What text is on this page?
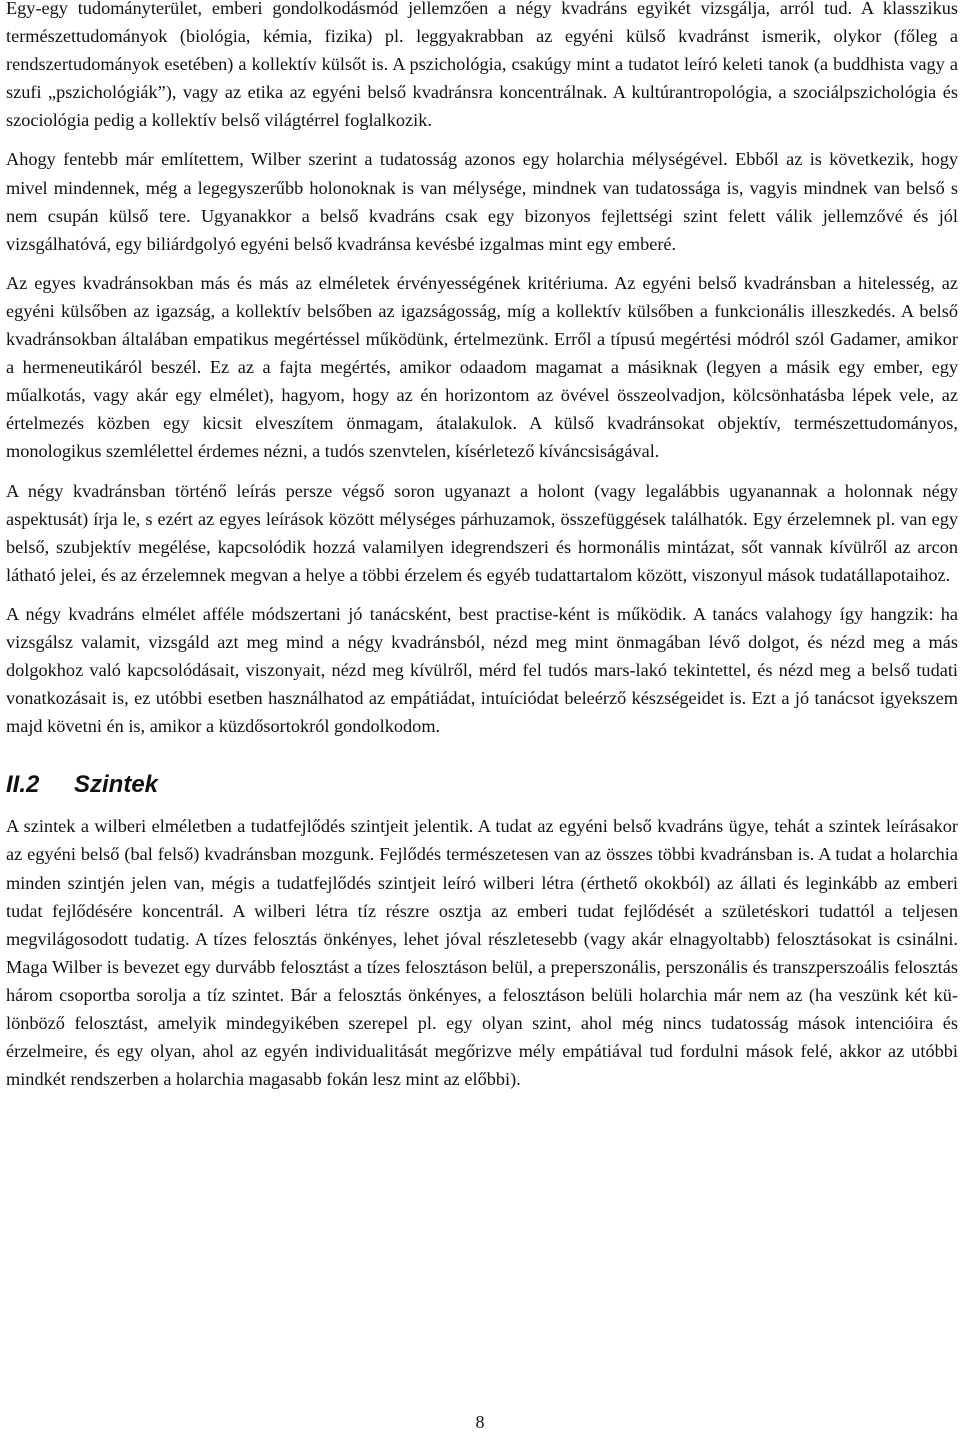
Egy-egy tudományterület, emberi gondolkodásmód jellemzően a négy kvadráns egyikét vizsgálja, arról tud. A klasszikus természettudományok (biológia, kémia, fizika) pl. leggyakrabban az egyéni külső kvadránst ismerik, olykor (főleg a rendszertudományok esetében) a kollektív külsőt is. A pszichológia, csakúgy mint a tudatot leíró keleti tanok (a buddhista vagy a szufi „pszichológiák”), vagy az etika az egyéni belső kvadránsra koncentrálnak. A kultúrantropológia, a szociálpszichológia és szociológia pedig a kollektív belső világtérrel foglalkozik.

Ahogy fentebb már említettem, Wilber szerint a tudatosság azonos egy holarchia mélységével. Ebből az is következik, hogy mivel mindennek, még a legegyszerűbb holonoknak is van mélysége, mindnek van tudatossága is, vagyis mindnek van belső s nem csupán külső tere. Ugyanakkor a belső kvadráns csak egy bizonyos fejlettségi szint felett válik jellemzővé és jól vizsgálhatóvá, egy biliárdgolyó egyéni belső kvadránsa kevésbé izgalmas mint egy emberé.

Az egyes kvadránsokban más és más az elméletek érvényességének kritériuma. Az egyéni belső kvadránsban a hitelesség, az egyéni külsőben az igazság, a kollektív belsőben az igazságosság, míg a kollektív külsőben a funkcionális illeszkedés. A belső kvadránsokban általában empatikus megértéssel működünk, értelmezünk. Erről a típusú megértési módról szól Gadamer, amikor a hermeneutikáról beszél. Ez az a fajta megértés, amikor odaadom magamat a másiknak (legyen a másik egy ember, egy műalkotás, vagy akár egy elmélet), hagyom, hogy az én horizontom az övével összeolvadjon, kölcsönhatásba lépek vele, az értelmezés közben egy kicsit elveszítem önmagam, átalakulok. A külső kvadránsokat objektív, természettudományos, monologikus szemlélettel érdemes nézni, a tudós szenvtelen, kísérletező kíváncsiságával.

A négy kvadránsban történő leírás persze végső soron ugyanazt a holont (vagy legalábbis ugyanannak a holonnak négy aspektusát) írja le, s ezért az egyes leírások között mélységes párhuzamok, összefüggések találhatók. Egy érzelemnek pl. van egy belső, szubjektív megélése, kapcsolódik hozzá valamilyen idegrendszeri és hormonális mintázat, sőt vannak kívülről az arcon látható jelei, és az érzelemnek megvan a helye a többi érzelem és egyéb tudattartalom között, viszonyul mások tudatállapotaihoz.

A négy kvadráns elmélet afféle módszertani jó tanácsként, best practise-ként is működik. A tanács valahogy így hangzik: ha vizsgálsz valamit, vizsgáld azt meg mind a négy kvadránsból, nézd meg mint önmagában lévő dolgot, és nézd meg a más dolgokhoz való kapcsolódásait, viszonyait, nézd meg kívülről, mérd fel tudós mars-lakó tekintettel, és nézd meg a belső tudati vonatkozásait is, ez utóbbi esetben használhatod az empátiádat, intuíciódat beleérző készségeidet is. Ezt a jó tanácsot igyekszem majd követni én is, amikor a küzdősortokról gondolkodom.

II.2 Szintek

A szintek a wilberi elméletben a tudatfejlődés szintjeit jelentik. A tudat az egyéni belső kvadráns ügye, tehát a szintek leírásakor az egyéni belső (bal felső) kvadránsban mozgunk. Fejlődés természetesen van az összes többi kvadránsban is. A tudat a holarchia minden szintjén jelen van, mégis a tudatfejlődés szintjeit leíró wilberi létra (érthető okokból) az állati és leginkább az emberi tudat fejlődésére koncentrál. A wilberi létra tíz részre osztja az emberi tudat fejlődését a születéskori tudattól a teljesen megvilágosodott tudatig. A tízes felosztás önkényes, lehet jóval részletesebb (vagy akár elnagyoltabb) felosztásokat is csinálni. Maga Wilber is bevezet egy durvább felosztást a tízes felosztáson belül, a preperszonális, perszonális és transzperszoális felosztás három csoportba sorolja a tíz szintet. Bár a felosztás önkényes, a felosztáson belüli holarchia már nem az (ha veszünk két különböző felosztást, amelyik mindegyikében szerepel pl. egy olyan szint, ahol még nincs tudatosság mások intencióira és érzelmeire, és egy olyan, ahol az egyén individualitását megőrizve mély empátiával tud fordulni mások felé, akkor az utóbbi mindkét rendszerben a holarchia magasabb fokán lesz mint az előbbi).

8
